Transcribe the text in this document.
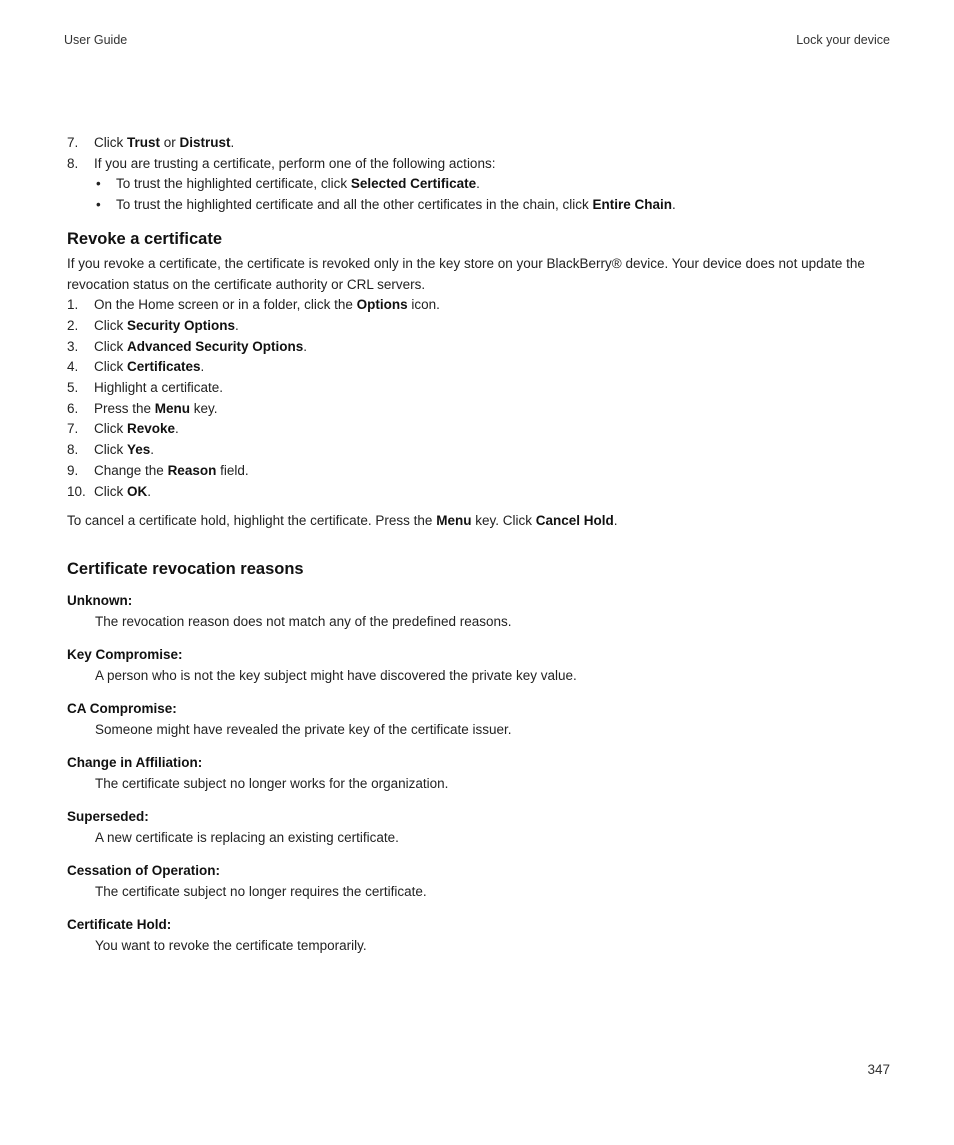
User Guide	Lock your device
7. Click Trust or Distrust.
8. If you are trusting a certificate, perform one of the following actions:
• To trust the highlighted certificate, click Selected Certificate.
• To trust the highlighted certificate and all the other certificates in the chain, click Entire Chain.
Revoke a certificate

If you revoke a certificate, the certificate is revoked only in the key store on your BlackBerry® device. Your device does not update the revocation status on the certificate authority or CRL servers.

1. On the Home screen or in a folder, click the Options icon.
2. Click Security Options.
3. Click Advanced Security Options.
4. Click Certificates.
5. Highlight a certificate.
6. Press the Menu key.
7. Click Revoke.
8. Click Yes.
9. Change the Reason field.
10. Click OK.

To cancel a certificate hold, highlight the certificate. Press the Menu key. Click Cancel Hold.

Certificate revocation reasons
Unknown:
The revocation reason does not match any of the predefined reasons.
Key Compromise:
A person who is not the key subject might have discovered the private key value.
CA Compromise:
Someone might have revealed the private key of the certificate issuer.
Change in Affiliation:
The certificate subject no longer works for the organization.
Superseded:
A new certificate is replacing an existing certificate.
Cessation of Operation:
The certificate subject no longer requires the certificate.
Certificate Hold:
You want to revoke the certificate temporarily.
347
